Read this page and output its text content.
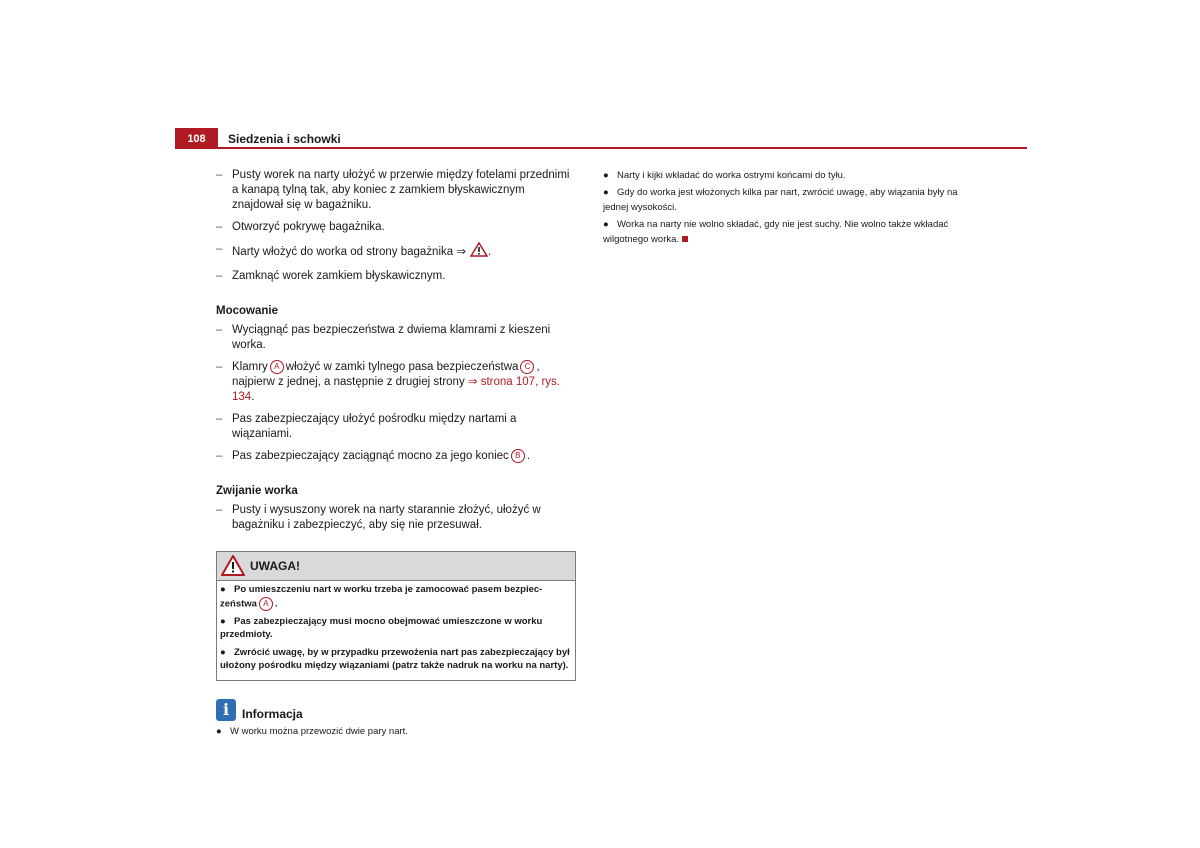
108	Siedzenia i schowki
– Pusty worek na narty ułożyć w przerwie między fotelami przednimi a kanapą tylną tak, aby koniec z zamkiem błyskawicznym znajdował się w bagażniku.
– Otworzyć pokrywę bagażnika.
– Narty włożyć do worka od strony bagażnika ⇒ .
– Zamknąć worek zamkiem błyskawicznym.
Mocowanie
– Wyciągnąć pas bezpieczeństwa z dwiema klamrami z kieszeni worka.
– Klamry A włożyć w zamki tylnego pasa bezpieczeństwa C , najpierw z jednej, a następnie z drugiej strony ⇒ strona 107, rys. 134.
– Pas zabezpieczający ułożyć pośrodku między nartami a wiązaniami.
– Pas zabezpieczający zaciągnąć mocno za jego koniec B .
Zwijanie worka
– Pusty i wysuszony worek na narty starannie złożyć, ułożyć w bagażniku i zabezpieczyć, aby się nie przesuwał.
UWAGA!

● Po umieszczeniu nart w worku trzeba je zamocować pasem bezpiec-zeństwa A .

● Pas zabezpieczający musi mocno obejmować umieszczone w worku przedmioty.

● Zwrócić uwagę, by w przypadku przewożenia nart pas zabezpieczający był ułożony pośrodku między wiązaniami (patrz także nadruk na worku na narty).

i	Informacja
● W worku można przewozić dwie pary nart.

● Narty i kijki wkładać do worka ostrymi końcami do tyłu.

● Gdy do worka jest włożonych kilka par nart, zwrócić uwagę, aby wiązania były na jednej wysokości.

● Worka na narty nie wolno składać, gdy nie jest suchy. Nie wolno także wkładać wilgotnego worka.
